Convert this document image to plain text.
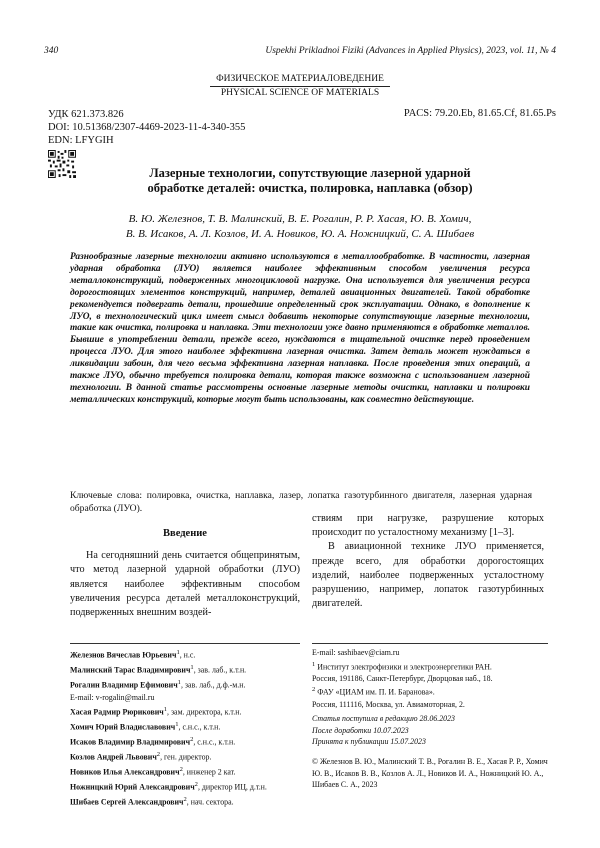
340	Uspekhi Prikladnoi Fiziki (Advances in Applied Physics), 2023, vol. 11, № 4
ФИЗИЧЕСКОЕ МАТЕРИАЛОВЕДЕНИЕ
PHYSICAL SCIENCE OF MATERIALS
УДК 621.373.826
DOI: 10.51368/2307-4469-2023-11-4-340-355
EDN: LFYGIH
PACS: 79.20.Eb, 81.65.Cf, 81.65.Ps
Лазерные технологии, сопутствующие лазерной ударной
обработке деталей: очистка, полировка, наплавка (обзор)
В. Ю. Железнов, Т. В. Малинский, В. Е. Рогалин, Р. Р. Хасая, Ю. В. Хомич,
В. В. Исаков, А. Л. Козлов, И. А. Новиков, Ю. А. Ножницкий, С. А. Шибаев
Разнообразные лазерные технологии активно используются в металлообработке. В частности, лазерная ударная обработка (ЛУО) является наиболее эффективным способом увеличения ресурса металлоконструкций, подверженных многоцикловой нагрузке. Она используется для увеличения ресурса дорогостоящих элементов конструкций, например, деталей авиационных двигателей. Такой обработке рекомендуется подвергать детали, прошедшие определенный срок эксплуатации. Однако, в дополнение к ЛУО, в технологический цикл имеет смысл добавить некоторые сопутствующие лазерные технологии, такие как очистка, полировка и наплавка. Эти технологии уже давно применяются в обработке металлов. Бывшие в употреблении детали, прежде всего, нуждаются в тщательной очистке перед проведением процесса ЛУО. Для этого наиболее эффективна лазерная очистка. Затем деталь может нуждаться в ликвидации забоин, для чего весьма эффективна лазерная наплавка. После проведения этих операций, а также ЛУО, обычно требуется полировка детали, которая также возможна с использованием лазерной технологии. В данной статье рассмотрены основные лазерные методы очистки, наплавки и полировки металлических конструкций, которые могут быть использованы, как совместно действующие.
Ключевые слова: полировка, очистка, наплавка, лазер, лопатка газотурбинного двигателя, лазерная ударная обработка (ЛУО).
Введение

На сегодняшний день считается общепринятым, что метод лазерной ударной обработки (ЛУО) является наиболее эффективным способом увеличения ресурса деталей металлоконструкций, подверженных внешним воздей-

ствиям при нагрузке, разрушение которых происходит по усталостному механизму [1–3].

В авиационной технике ЛУО применяется, прежде всего, для обработки дорогостоящих изделий, наиболее подверженных усталостному разрушению, например, лопаток газотурбинных двигателей.

Железнов Вячеслав Юрьевич$^1$, н.с.
Малинский Тарас Владимирович$^1$, зав. лаб., к.т.н.
Рогалин Владимир Ефимович$^1$, зав. лаб., д.ф.-м.н.
E-mail: v-rogalin@mail.ru
Хасая Радмир Рюрикович$^1$, зам. директора, к.т.н.
Хомич Юрий Владиславович$^1$, с.н.с., к.т.н.
Исаков Владимир Владимирович$^2$, с.н.с., к.т.н.
Козлов Андрей Львович$^2$, ген. директор.
Новиков Илья Александрович$^2$, инженер 2 кат.
Ножницкий Юрий Александрович$^2$, директор ИЦ, д.т.н.
Шибаев Сергей Александрович$^2$, нач. сектора.
E-mail: sashibaev@ciam.ru
$^1$ Институт электрофизики и электроэнергетики РАН.
Россия, 191186, Санкт-Петербург, Дворцовая наб., 18.
$^2$ ФАУ «ЦИАМ им. П. И. Баранова».
Россия, 111116, Москва, ул. Авиамоторная, 2.
Статья поступила в редакцию 28.06.2023
После доработки 10.07.2023
Принята к публикации 15.07.2023
© Железнов В. Ю., Малинский Т. В., Рогалин В. Е., Хасая Р. Р., Хомич Ю. В., Исаков В. В., Козлов А. Л., Новиков И. А., Ножницкий Ю. А., Шибаев С. А., 2023
